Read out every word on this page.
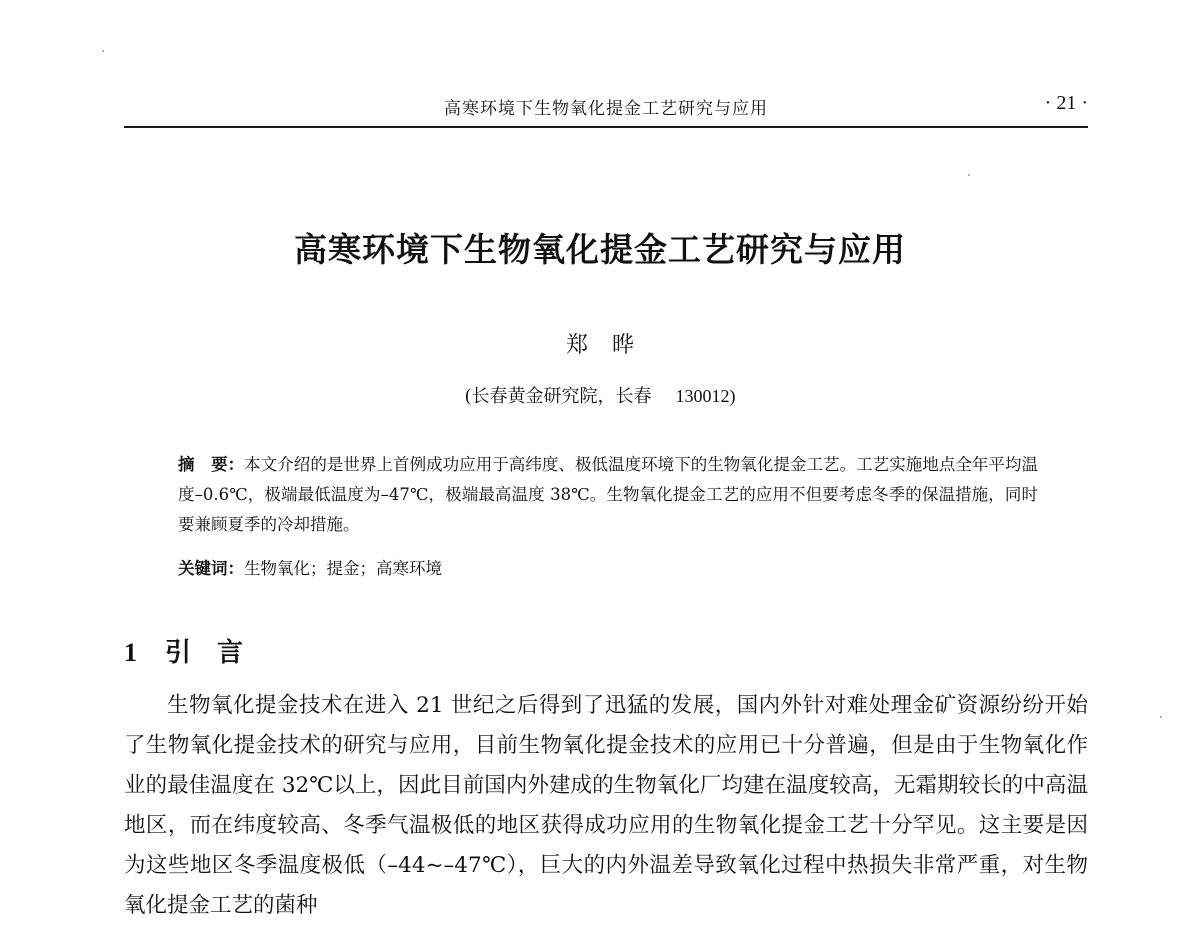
高寒环境下生物氧化提金工艺研究与应用	· 21 ·
高寒环境下生物氧化提金工艺研究与应用
郑晔
(长春黄金研究院，长春 130012)
摘　要：本文介绍的是世界上首例成功应用于高纬度、极低温度环境下的生物氧化提金工艺。工艺实施地点全年平均温度–0.6℃，极端最低温度为–47℃，极端最高温度 38℃。生物氧化提金工艺的应用不但要考虑冬季的保温措施，同时要兼顾夏季的冷却措施。
关键词：生物氧化；提金；高寒环境
1 引言
生物氧化提金技术在进入 21 世纪之后得到了迅猛的发展，国内外针对难处理金矿资源纷纷开始了生物氧化提金技术的研究与应用，目前生物氧化提金技术的应用已十分普遍，但是由于生物氧化作业的最佳温度在 32℃以上，因此目前国内外建成的生物氧化厂均建在温度较高，无霜期较长的中高温地区，而在纬度较高、冬季气温极低的地区获得成功应用的生物氧化提金工艺十分罕见。这主要是因为这些地区冬季温度极低（–44~–47℃），巨大的内外温差导致氧化过程中热损失非常严重，对生物氧化提金工艺的菌种
